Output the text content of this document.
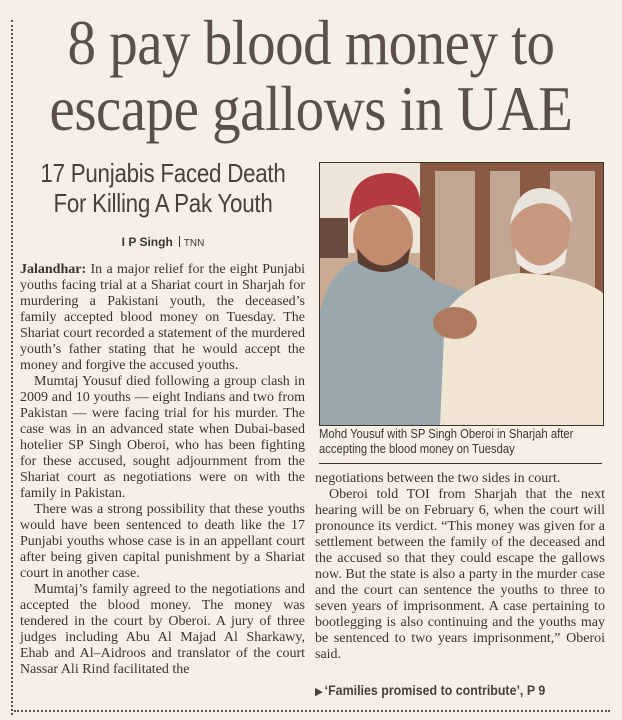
8 pay blood money to
escape gallows in UAE
17 Punjabis Faced Death
For Killing A Pak Youth
I P Singh TNN

Jalandhar: In a major relief for the eight Punjabi youths facing trial at a Shariat court in Sharjah for murdering a Pakistani youth, the deceased’s family accepted blood money on Tuesday. The Shariat court recorded a statement of the murdered youth’s father stating that he would accept the money and forgive the accused youths.

Mumtaj Yousuf died following a group clash in 2009 and 10 youths — eight Indians and two from Pakistan — were facing trial for his murder. The case was in an advanced state when Dubai-based hotelier SP Singh Oberoi, who has been fighting for these accused, sought adjournment from the Shariat court as negotiations were on with the family in Pakistan.

There was a strong possibility that these youths would have been sentenced to death like the 17 Punjabi youths whose case is in an appellant court after being given capital punishment by a Shariat court in another case.

Mumtaj’s family agreed to the negotiations and accepted the blood money. The money was tendered in the court by Oberoi. A jury of three judges including Abu Al Majad Al Sharkawy, Ehab and Al–Aidroos and translator of the court Nassar Ali Rind facilitated the

Mohd Yousuf with SP Singh Oberoi in Sharjah after accepting the blood money on Tuesday

negotiations between the two sides in court.

Oberoi told TOI from Sharjah that the next hearing will be on February 6, when the court will pronounce its verdict. “This money was given for a settlement between the family of the deceased and the accused so that they could escape the gallows now. But the state is also a party in the murder case and the court can sentence the youths to three to seven years of imprisonment. A case pertaining to bootlegging is also continuing and the youths may be sentenced to two years imprisonment,” Oberoi said.

▶ ‘Families promised to contribute’, P 9
